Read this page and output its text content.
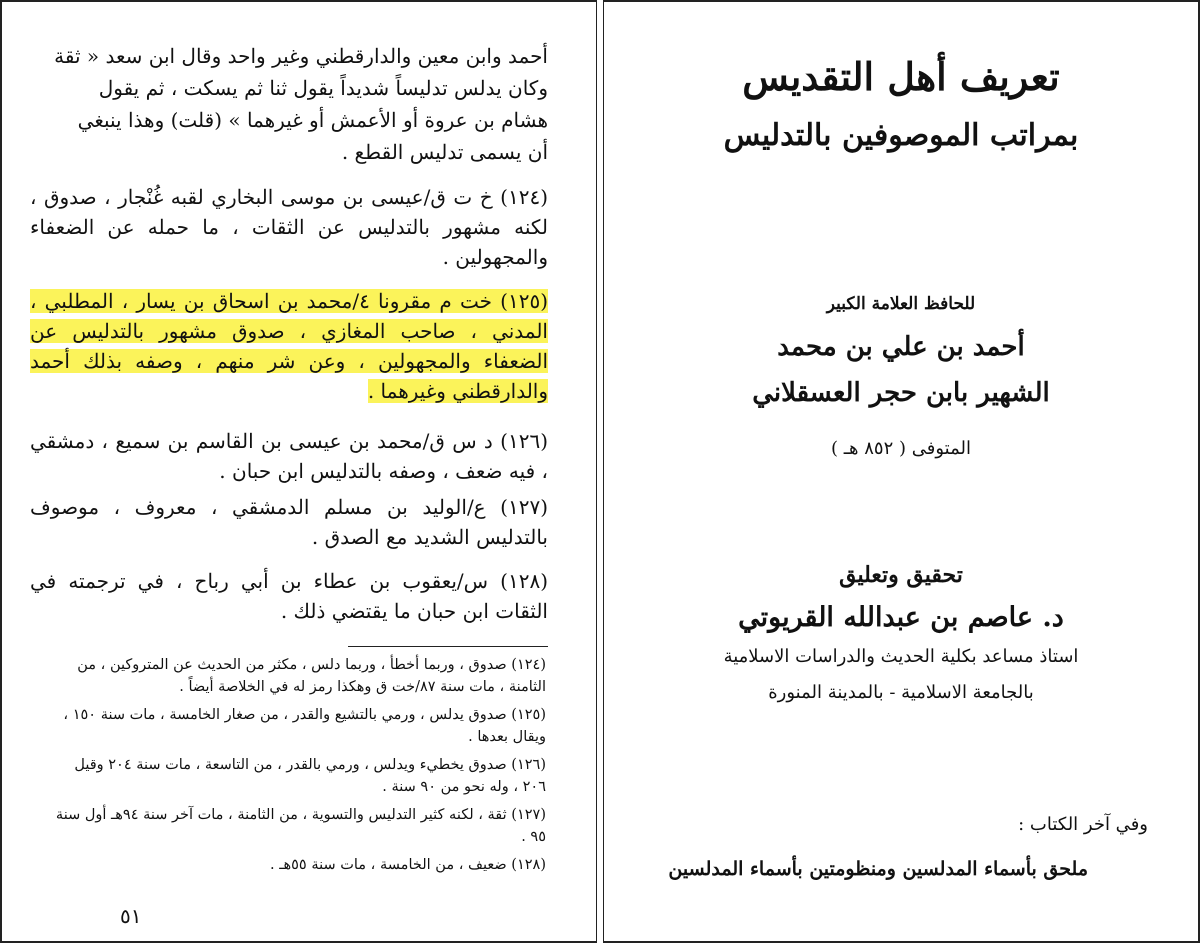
أحمد وابن معين والدارقطني وغير واحد وقال ابن سعد « ثقة
وكان يدلس تدليساً شديداً يقول ثنا ثم يسكت ، ثم يقول
هشام بن عروة أو الأعمش أو غيرهما » (قلت) وهذا ينبغي
أن يسمى تدليس القطع .

(١٢٤) خ ت ق/عيسى بن موسى البخاري لقبه غُنْجار ، صدوق ، لكنه مشهور بالتدليس عن الثقات ، ما حمله عن الضعفاء والمجهولين .

(١٢٥) خت م مقرونا ٤/محمد بن اسحاق بن يسار ، المطلبي ، المدني ، صاحب المغازي ، صدوق مشهور بالتدليس عن الضعفاء والمجهولين ، وعن شر منهم ، وصفه بذلك أحمد والدارقطني وغيرهما .

(١٢٦) د س ق/محمد بن عيسى بن القاسم بن سميع ، دمشقي ، فيه ضعف ، وصفه بالتدليس ابن حبان .

(١٢٧) ع/الوليد بن مسلم الدمشقي ، معروف ، موصوف بالتدليس الشديد مع الصدق .

(١٢٨) س/يعقوب بن عطاء بن أبي رباح ، في ترجمته في الثقات ابن حبان ما يقتضي ذلك .

(١٢٤) صدوق ، وربما أخطأ ، وربما دلس ، مكثر من الحديث عن المتروكين ، من الثامنة ، مات سنة ٨٧/خت ق وهكذا رمز له في الخلاصة أيضاً .

(١٢٥) صدوق يدلس ، ورمي بالتشيع والقدر ، من صغار الخامسة ، مات سنة ١٥٠ ، ويقال بعدها .

(١٢٦) صدوق يخطيء ويدلس ، ورمي بالقدر ، من التاسعة ، مات سنة ٢٠٤ وقيل ٢٠٦ ، وله نحو من ٩٠ سنة .

(١٢٧) ثقة ، لكنه كثير التدليس والتسوية ، من الثامنة ، مات آخر سنة ٩٤هـ أول سنة ٩٥ .

(١٢٨) ضعيف ، من الخامسة ، مات سنة ٥٥هـ .

٥١
تعريف أهل التقديس
بمراتب الموصوفين بالتدليس
للحافظ العلامة الكبير
أحمد بن علي بن محمد
الشهير بابن حجر العسقلاني
المتوفى ( ٨٥٢ هـ )
تحقيق وتعليق
د. عاصم بن عبدالله القريوتي
استاذ مساعد بكلية الحديث والدراسات الاسلامية
بالجامعة الاسلامية - بالمدينة المنورة
وفي آخر الكتاب :
ملحق بأسماء المدلسين ومنظومتين بأسماء المدلسين
